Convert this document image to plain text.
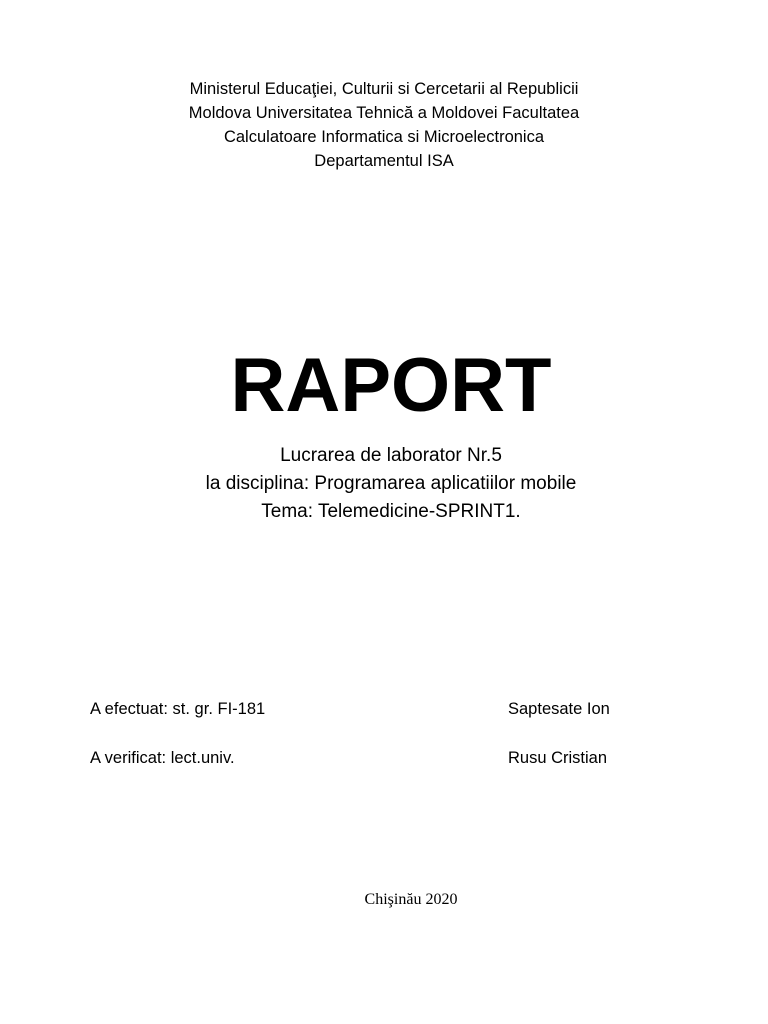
Ministerul Educaţiei, Culturii si Cercetarii al Republicii
Moldova Universitatea Tehnică a Moldovei Facultatea
Calculatoare Informatica si Microelectronica
Departamentul ISA
RAPORT
Lucrarea de laborator Nr.5
la disciplina: Programarea aplicatiilor mobile
Tema: Telemedicine-SPRINT1.
A efectuat: st. gr. FI-181	Saptesate Ion
A verificat: lect.univ.	Rusu Cristian
Chişinău 2020
